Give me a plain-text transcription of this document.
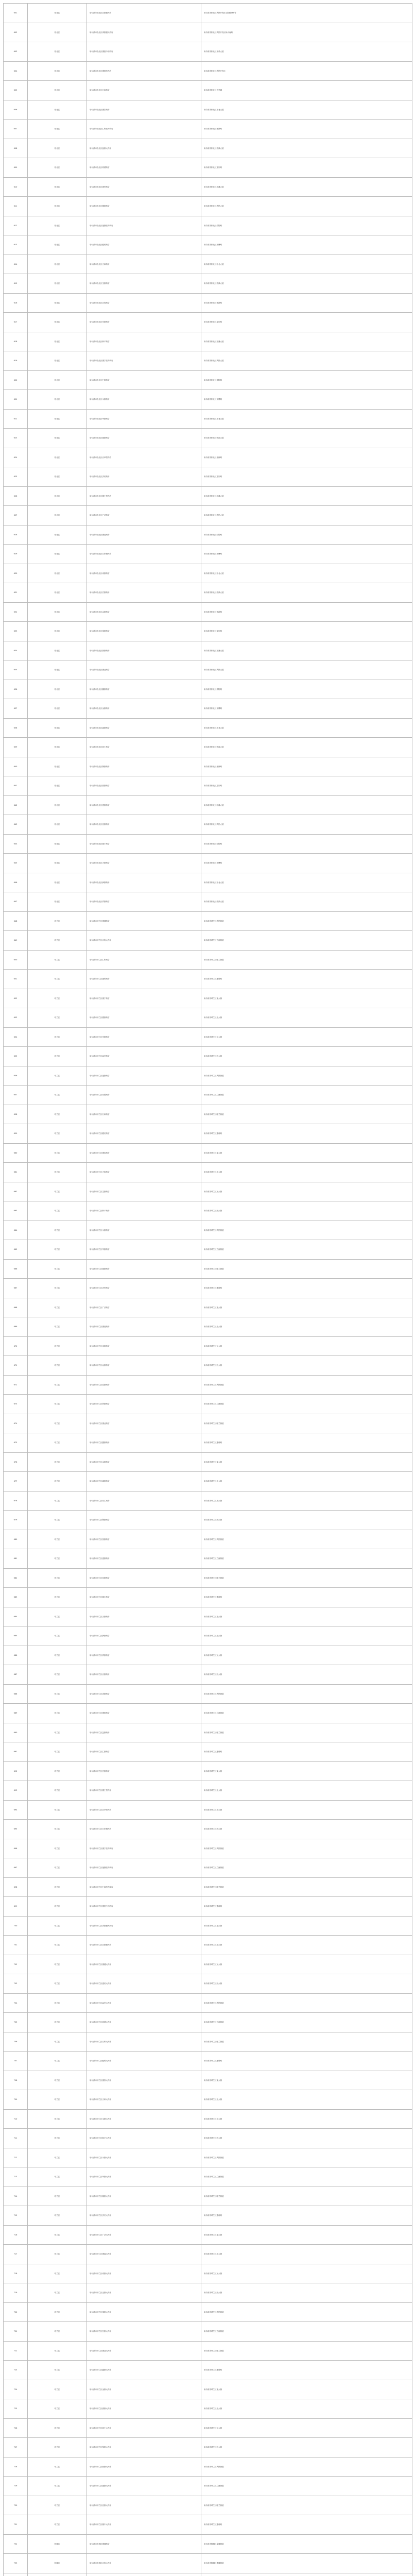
601	松北区	哈尔滨市松北区百康惠药店	哈尔滨市松北区利民开发区学院路188号
602	松北区	哈尔滨市松北区泽康惠民药店	哈尔滨市松北区利民开发区师大南路
603	松北区	哈尔滨市松北区康惠中西药店	哈尔滨市松北区世茂大道
604	松北区	哈尔滨市松北区康惠医药店	哈尔滨市松北区利民开发区
605	松北区	哈尔滨市松北区万和药店	哈尔滨市松北区大学城
606	松北区	哈尔滨市松北区康泰药房	哈尔滨市松北区松北大道
607	松北区	哈尔滨市松北区仁和医药商店	哈尔滨市松北区创新路
608	松北区	哈尔滨市松北区益康大药房	哈尔滨市松北区中源大道
609	松北区	哈尔滨市松北区同德药店	哈尔滨市松北区龙川路
610	松北区	哈尔滨市松北区惠民药店	哈尔滨市松北区松浦大道
611	松北区	哈尔滨市松北区德康药店	哈尔滨市松北区利民大道
612	松北区	哈尔滨市松北区福康医药商店	哈尔滨市松北区学院路
613	松北区	哈尔滨市松北区健民药店	哈尔滨市松北区世博路
614	松北区	哈尔滨市松北区天和药房	哈尔滨市松北区松北大道
615	松北区	哈尔滨市松北区宝康药店	哈尔滨市松北区中源大道
616	松北区	哈尔滨市松北区百姓药店	哈尔滨市松北区创新路
617	松北区	哈尔滨市松北区安康药房	哈尔滨市松北区龙川路
618	松北区	哈尔滨市松北区和平药店	哈尔滨市松北区松浦大道
619	松北区	哈尔滨市松北区康宁医药商店	哈尔滨市松北区利民大道
620	松北区	哈尔滨市松北区仁康药店	哈尔滨市松北区学院路
621	松北区	哈尔滨市松北区永康药房	哈尔滨市松北区世博路
622	松北区	哈尔滨市松北区华康药店	哈尔滨市松北区松北大道
623	松北区	哈尔滨市松北区瑞康药店	哈尔滨市松北区中源大道
624	松北区	哈尔滨市松北区百草堂药店	哈尔滨市松北区创新路
625	松北区	哈尔滨市松北区济民药房	哈尔滨市松北区龙川路
626	松北区	哈尔滨市松北区德仁堂药店	哈尔滨市松北区松浦大道
627	松北区	哈尔滨市松北区广济药店	哈尔滨市松北区利民大道
628	松北区	哈尔滨市松北区康福药房	哈尔滨市松北区学院路
629	松北区	哈尔滨市松北区万家康药店	哈尔滨市松北区世博路
630	松北区	哈尔滨市松北区寿康药店	哈尔滨市松北区松北大道
631	松北区	哈尔滨市松北区宏康药房	哈尔滨市松北区中源大道
632	松北区	哈尔滨市松北区众康药店	哈尔滨市松北区创新路
633	松北区	哈尔滨市松北区泰康药店	哈尔滨市松北区龙川路
634	松北区	哈尔滨市松北区民康药房	哈尔滨市松北区松浦大道
635	松北区	哈尔滨市松北区康达药店	哈尔滨市松北区利民大道
636	松北区	哈尔滨市松北区鑫康药店	哈尔滨市松北区学院路
637	松北区	哈尔滨市松北区金康药房	哈尔滨市松北区世博路
638	松北区	哈尔滨市松北区嘉康药店	哈尔滨市松北区松北大道
639	松北区	哈尔滨市松北区同仁药店	哈尔滨市松北区中源大道
640	松北区	哈尔滨市松北区保康药房	哈尔滨市松北区创新路
641	松北区	哈尔滨市松北区恒康药店	哈尔滨市松北区龙川路
642	松北区	哈尔滨市松北区惠康药店	哈尔滨市松北区松浦大道
643	松北区	哈尔滨市松北区佳康药房	哈尔滨市松北区利民大道
644	松北区	哈尔滨市松北区瑞丰药店	哈尔滨市松北区学院路
645	松北区	哈尔滨市松北区天康药店	哈尔滨市松北区世博路
646	松北区	哈尔滨市松北区润康药房	哈尔滨市松北区松北大道
647	松北区	哈尔滨市松北区祥康药店	哈尔滨市松北区中源大道
648	呼兰区	哈尔滨市呼兰区康健药店	哈尔滨市呼兰区利民街道
649	呼兰区	哈尔滨市呼兰区百姓大药房	哈尔滨市呼兰区兰河街道
650	呼兰区	哈尔滨市呼兰区仁和药店	哈尔滨市呼兰区呼兰街道
651	呼兰区	哈尔滨市呼兰区惠民药房	哈尔滨市呼兰区建设路
652	呼兰区	哈尔滨市呼兰区康宁药店	哈尔滨市呼兰区南大街
653	呼兰区	哈尔滨市呼兰区德康药店	哈尔滨市呼兰区北大街
654	呼兰区	哈尔滨市呼兰区安康药房	哈尔滨市呼兰区东大街
655	呼兰区	哈尔滨市呼兰区益民药店	哈尔滨市呼兰区西大街
656	呼兰区	哈尔滨市呼兰区福康药店	哈尔滨市呼兰区利民街道
657	呼兰区	哈尔滨市呼兰区同德药房	哈尔滨市呼兰区兰河街道
658	呼兰区	哈尔滨市呼兰区万和药店	哈尔滨市呼兰区呼兰街道
659	呼兰区	哈尔滨市呼兰区健民药店	哈尔滨市呼兰区建设路
660	呼兰区	哈尔滨市呼兰区康泰药房	哈尔滨市呼兰区南大街
661	呼兰区	哈尔滨市呼兰区天和药店	哈尔滨市呼兰区北大街
662	呼兰区	哈尔滨市呼兰区宝康药店	哈尔滨市呼兰区东大街
663	呼兰区	哈尔滨市呼兰区和平药房	哈尔滨市呼兰区西大街
664	呼兰区	哈尔滨市呼兰区永康药店	哈尔滨市呼兰区利民街道
665	呼兰区	哈尔滨市呼兰区华康药店	哈尔滨市呼兰区兰河街道
666	呼兰区	哈尔滨市呼兰区瑞康药房	哈尔滨市呼兰区呼兰街道
667	呼兰区	哈尔滨市呼兰区济民药店	哈尔滨市呼兰区建设路
668	呼兰区	哈尔滨市呼兰区广济药店	哈尔滨市呼兰区南大街
669	呼兰区	哈尔滨市呼兰区康福药房	哈尔滨市呼兰区北大街
670	呼兰区	哈尔滨市呼兰区寿康药店	哈尔滨市呼兰区东大街
671	呼兰区	哈尔滨市呼兰区众康药店	哈尔滨市呼兰区西大街
672	呼兰区	哈尔滨市呼兰区泰康药房	哈尔滨市呼兰区利民街道
673	呼兰区	哈尔滨市呼兰区民康药店	哈尔滨市呼兰区兰河街道
674	呼兰区	哈尔滨市呼兰区康达药店	哈尔滨市呼兰区呼兰街道
675	呼兰区	哈尔滨市呼兰区鑫康药房	哈尔滨市呼兰区建设路
676	呼兰区	哈尔滨市呼兰区金康药店	哈尔滨市呼兰区南大街
677	呼兰区	哈尔滨市呼兰区嘉康药店	哈尔滨市呼兰区北大街
678	呼兰区	哈尔滨市呼兰区同仁药房	哈尔滨市呼兰区东大街
679	呼兰区	哈尔滨市呼兰区保康药店	哈尔滨市呼兰区西大街
680	呼兰区	哈尔滨市呼兰区恒康药店	哈尔滨市呼兰区利民街道
681	呼兰区	哈尔滨市呼兰区惠康药房	哈尔滨市呼兰区兰河街道
682	呼兰区	哈尔滨市呼兰区佳康药店	哈尔滨市呼兰区呼兰街道
683	呼兰区	哈尔滨市呼兰区瑞丰药店	哈尔滨市呼兰区建设路
684	呼兰区	哈尔滨市呼兰区天康药房	哈尔滨市呼兰区南大街
685	呼兰区	哈尔滨市呼兰区润康药店	哈尔滨市呼兰区北大街
686	呼兰区	哈尔滨市呼兰区祥康药店	哈尔滨市呼兰区东大街
687	呼兰区	哈尔滨市呼兰区百康药房	哈尔滨市呼兰区西大街
688	呼兰区	哈尔滨市呼兰区泽康药店	哈尔滨市呼兰区利民街道
689	呼兰区	哈尔滨市呼兰区康惠药店	哈尔滨市呼兰区兰河街道
690	呼兰区	哈尔滨市呼兰区益康药房	哈尔滨市呼兰区呼兰街道
691	呼兰区	哈尔滨市呼兰区仁康药店	哈尔滨市呼兰区建设路
692	呼兰区	哈尔滨市呼兰区宏康药店	哈尔滨市呼兰区南大街
693	呼兰区	哈尔滨市呼兰区德仁堂药房	哈尔滨市呼兰区北大街
694	呼兰区	哈尔滨市呼兰区百草堂药店	哈尔滨市呼兰区东大街
695	呼兰区	哈尔滨市呼兰区万家康药店	哈尔滨市呼兰区西大街
696	呼兰区	哈尔滨市呼兰区康宁医药商店	哈尔滨市呼兰区利民街道
697	呼兰区	哈尔滨市呼兰区福康医药商店	哈尔滨市呼兰区兰河街道
698	呼兰区	哈尔滨市呼兰区仁和医药商店	哈尔滨市呼兰区呼兰街道
699	呼兰区	哈尔滨市呼兰区康惠中西药店	哈尔滨市呼兰区建设路
700	呼兰区	哈尔滨市呼兰区泽康惠民药店	哈尔滨市呼兰区南大街
701	呼兰区	哈尔滨市呼兰区百康惠药店	哈尔滨市呼兰区北大街
702	呼兰区	哈尔滨市呼兰区康健大药房	哈尔滨市呼兰区东大街
703	呼兰区	哈尔滨市呼兰区惠民大药房	哈尔滨市呼兰区西大街
704	呼兰区	哈尔滨市呼兰区益民大药房	哈尔滨市呼兰区利民街道
705	呼兰区	哈尔滨市呼兰区同德大药房	哈尔滨市呼兰区兰河街道
706	呼兰区	哈尔滨市呼兰区万和大药房	哈尔滨市呼兰区呼兰街道
707	呼兰区	哈尔滨市呼兰区健民大药房	哈尔滨市呼兰区建设路
708	呼兰区	哈尔滨市呼兰区康泰大药房	哈尔滨市呼兰区南大街
709	呼兰区	哈尔滨市呼兰区天和大药房	哈尔滨市呼兰区北大街
710	呼兰区	哈尔滨市呼兰区宝康大药房	哈尔滨市呼兰区东大街
711	呼兰区	哈尔滨市呼兰区和平大药房	哈尔滨市呼兰区西大街
712	呼兰区	哈尔滨市呼兰区永康大药房	哈尔滨市呼兰区利民街道
713	呼兰区	哈尔滨市呼兰区华康大药房	哈尔滨市呼兰区兰河街道
714	呼兰区	哈尔滨市呼兰区瑞康大药房	哈尔滨市呼兰区呼兰街道
715	呼兰区	哈尔滨市呼兰区济民大药房	哈尔滨市呼兰区建设路
716	呼兰区	哈尔滨市呼兰区广济大药房	哈尔滨市呼兰区南大街
717	呼兰区	哈尔滨市呼兰区康福大药房	哈尔滨市呼兰区北大街
718	呼兰区	哈尔滨市呼兰区寿康大药房	哈尔滨市呼兰区东大街
719	呼兰区	哈尔滨市呼兰区众康大药房	哈尔滨市呼兰区西大街
720	呼兰区	哈尔滨市呼兰区泰康大药房	哈尔滨市呼兰区利民街道
721	呼兰区	哈尔滨市呼兰区民康大药房	哈尔滨市呼兰区兰河街道
722	呼兰区	哈尔滨市呼兰区康达大药房	哈尔滨市呼兰区呼兰街道
723	呼兰区	哈尔滨市呼兰区鑫康大药房	哈尔滨市呼兰区建设路
724	呼兰区	哈尔滨市呼兰区金康大药房	哈尔滨市呼兰区南大街
725	呼兰区	哈尔滨市呼兰区嘉康大药房	哈尔滨市呼兰区北大街
726	呼兰区	哈尔滨市呼兰区同仁大药房	哈尔滨市呼兰区东大街
727	呼兰区	哈尔滨市呼兰区保康大药房	哈尔滨市呼兰区西大街
728	呼兰区	哈尔滨市呼兰区恒康大药房	哈尔滨市呼兰区利民街道
729	呼兰区	哈尔滨市呼兰区惠康大药房	哈尔滨市呼兰区兰河街道
730	呼兰区	哈尔滨市呼兰区佳康大药房	哈尔滨市呼兰区呼兰街道
731	呼兰区	哈尔滨市呼兰区瑞丰大药房	哈尔滨市呼兰区建设路
732	阿城区	哈尔滨市阿城区康健药店	哈尔滨市阿城区金城街道
733	阿城区	哈尔滨市阿城区百姓大药房	哈尔滨市阿城区通城街道
